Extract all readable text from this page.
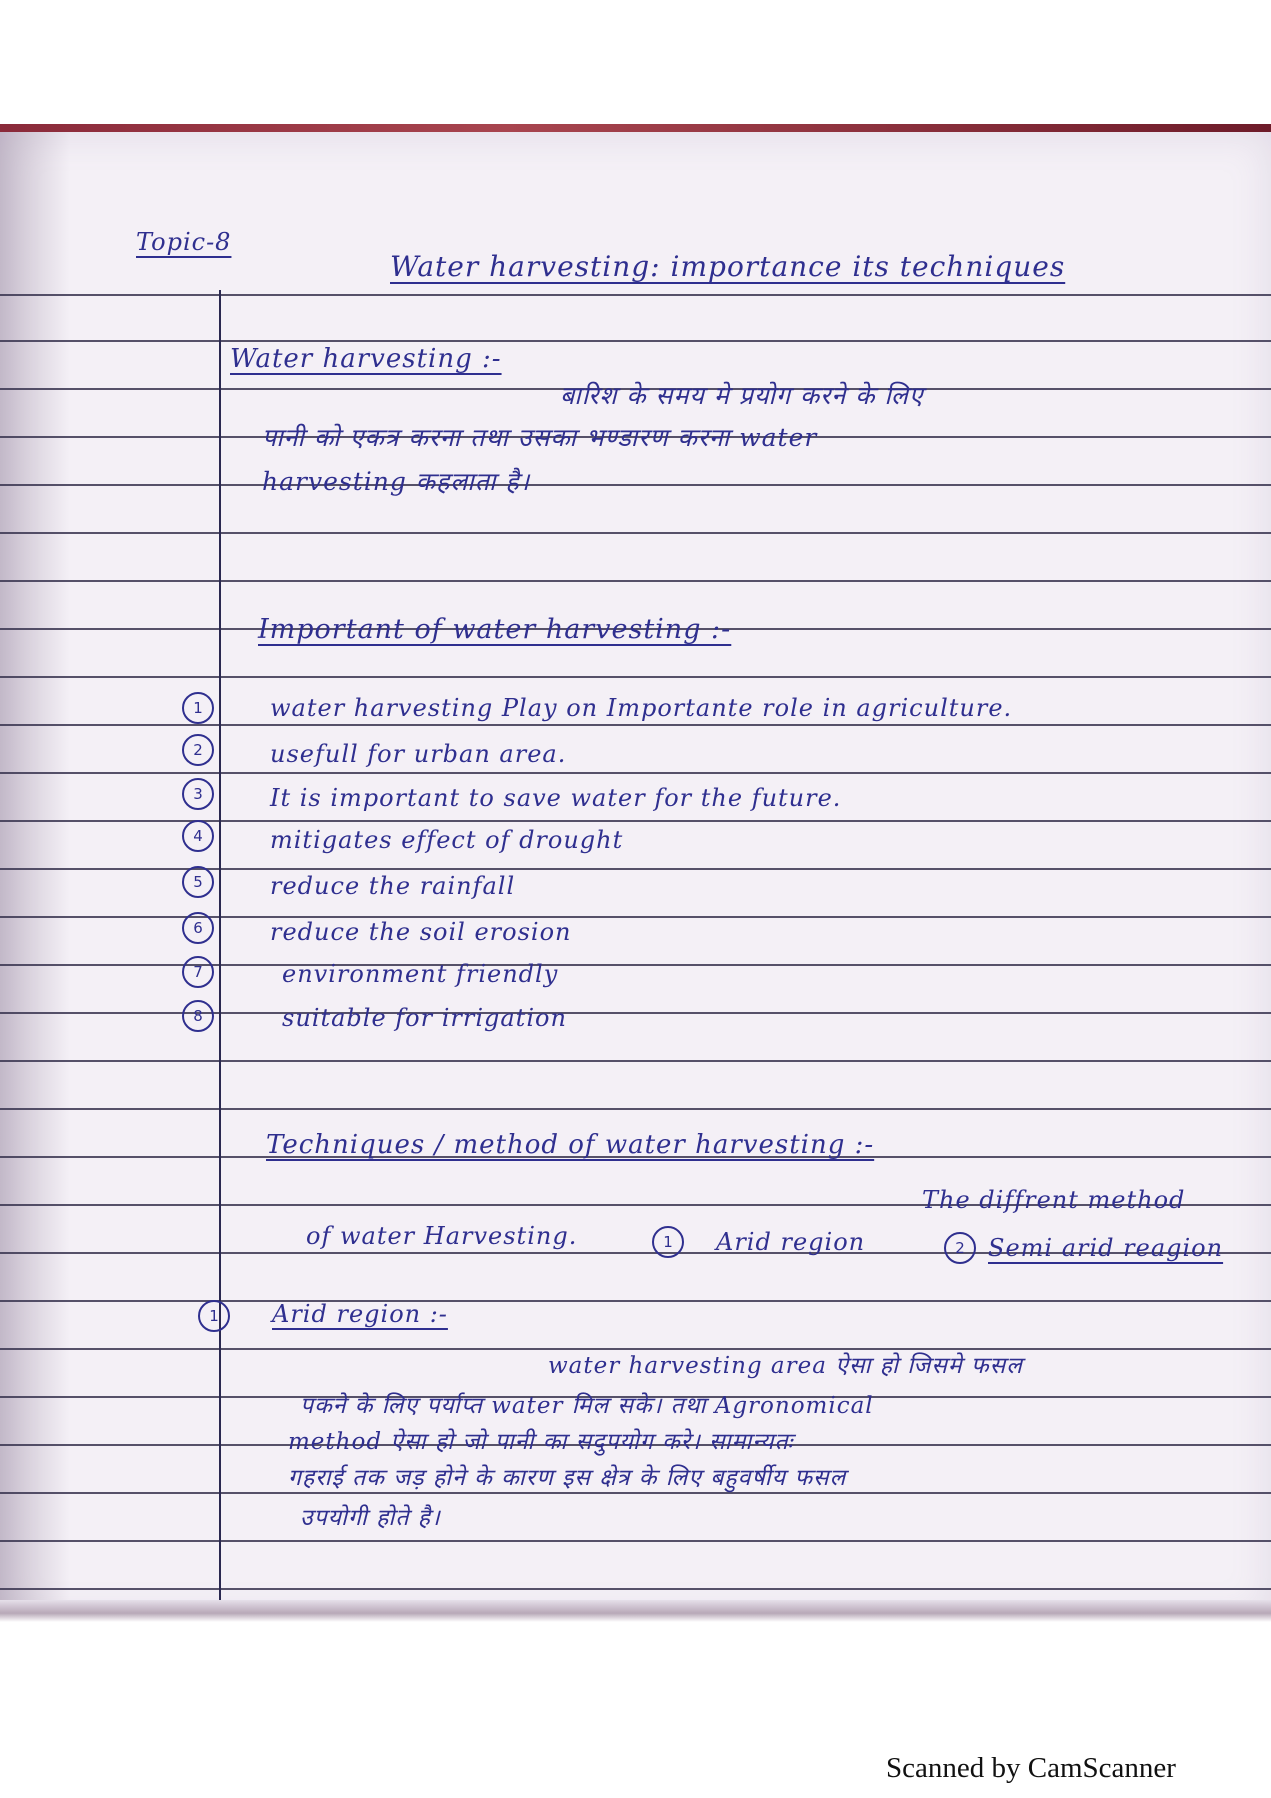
Topic-8
Water harvesting: importance its techniques
Water harvesting :-
बारिश के समय मे प्रयोग करने के लिए
पानी को एकत्र करना तथा उसका भण्डारण करना water
harvesting कहलाता है।
Important of water harvesting :-
1	water harvesting Play on Importante role in agriculture.
2	usefull for urban area.
3	It is important to save water for the future.
4	mitigates effect of drought
5	reduce the rainfall
6	reduce the soil erosion
7	environment friendly
8	suitable for irrigation
Techniques / method of water harvesting :-
The diffrent method
of water Harvesting.	1	Arid region	2 Semi arid reagion
1	Arid region :-
water harvesting area ऐसा हो जिसमे फसल
पकने के लिए पर्याप्त water मिल सके। तथा Agronomical
method ऐसा हो जो पानी का सदुपयोग करे। सामान्यतः
गहराई तक जड़ होने के कारण इस क्षेत्र के लिए बहुवर्षीय फसल
उपयोगी होते है।
Scanned by CamScanner
